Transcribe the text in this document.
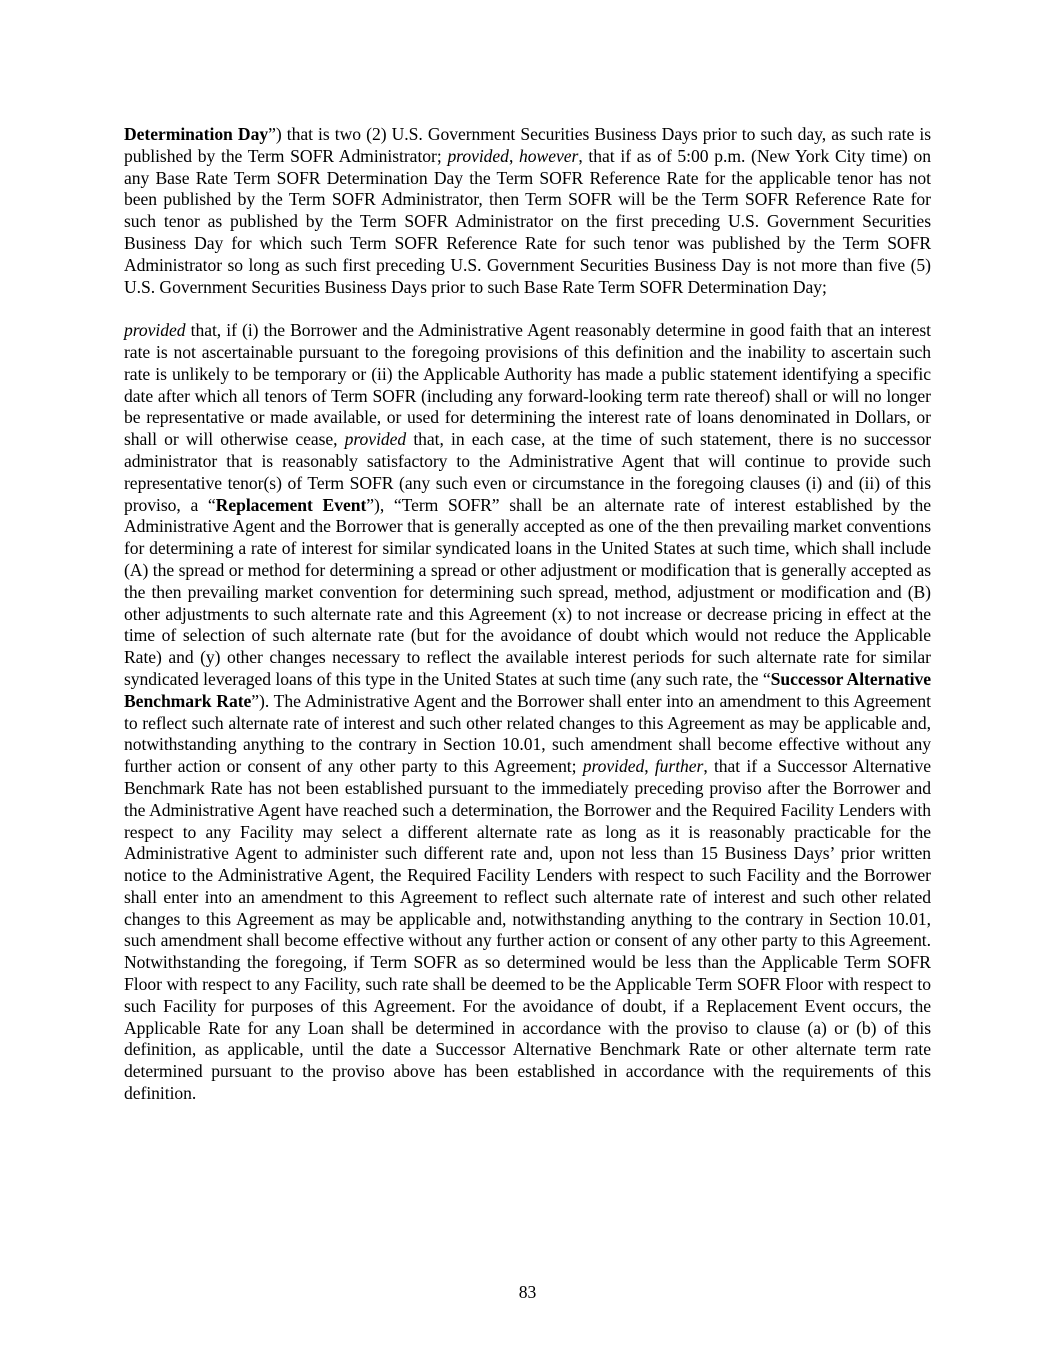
Determination Day”) that is two (2) U.S. Government Securities Business Days prior to such day, as such rate is published by the Term SOFR Administrator; provided, however, that if as of 5:00 p.m. (New York City time) on any Base Rate Term SOFR Determination Day the Term SOFR Reference Rate for the applicable tenor has not been published by the Term SOFR Administrator, then Term SOFR will be the Term SOFR Reference Rate for such tenor as published by the Term SOFR Administrator on the first preceding U.S. Government Securities Business Day for which such Term SOFR Reference Rate for such tenor was published by the Term SOFR Administrator so long as such first preceding U.S. Government Securities Business Day is not more than five (5) U.S. Government Securities Business Days prior to such Base Rate Term SOFR Determination Day;

provided that, if (i) the Borrower and the Administrative Agent reasonably determine in good faith that an interest rate is not ascertainable pursuant to the foregoing provisions of this definition and the inability to ascertain such rate is unlikely to be temporary or (ii) the Applicable Authority has made a public statement identifying a specific date after which all tenors of Term SOFR (including any forward-looking term rate thereof) shall or will no longer be representative or made available, or used for determining the interest rate of loans denominated in Dollars, or shall or will otherwise cease, provided that, in each case, at the time of such statement, there is no successor administrator that is reasonably satisfactory to the Administrative Agent that will continue to provide such representative tenor(s) of Term SOFR (any such even or circumstance in the foregoing clauses (i) and (ii) of this proviso, a “Replacement Event”), “Term SOFR” shall be an alternate rate of interest established by the Administrative Agent and the Borrower that is generally accepted as one of the then prevailing market conventions for determining a rate of interest for similar syndicated loans in the United States at such time, which shall include (A) the spread or method for determining a spread or other adjustment or modification that is generally accepted as the then prevailing market convention for determining such spread, method, adjustment or modification and (B) other adjustments to such alternate rate and this Agreement (x) to not increase or decrease pricing in effect at the time of selection of such alternate rate (but for the avoidance of doubt which would not reduce the Applicable Rate) and (y) other changes necessary to reflect the available interest periods for such alternate rate for similar syndicated leveraged loans of this type in the United States at such time (any such rate, the “Successor Alternative Benchmark Rate”). The Administrative Agent and the Borrower shall enter into an amendment to this Agreement to reflect such alternate rate of interest and such other related changes to this Agreement as may be applicable and, notwithstanding anything to the contrary in Section 10.01, such amendment shall become effective without any further action or consent of any other party to this Agreement; provided, further, that if a Successor Alternative Benchmark Rate has not been established pursuant to the immediately preceding proviso after the Borrower and the Administrative Agent have reached such a determination, the Borrower and the Required Facility Lenders with respect to any Facility may select a different alternate rate as long as it is reasonably practicable for the Administrative Agent to administer such different rate and, upon not less than 15 Business Days’ prior written notice to the Administrative Agent, the Required Facility Lenders with respect to such Facility and the Borrower shall enter into an amendment to this Agreement to reflect such alternate rate of interest and such other related changes to this Agreement as may be applicable and, notwithstanding anything to the contrary in Section 10.01, such amendment shall become effective without any further action or consent of any other party to this Agreement. Notwithstanding the foregoing, if Term SOFR as so determined would be less than the Applicable Term SOFR Floor with respect to any Facility, such rate shall be deemed to be the Applicable Term SOFR Floor with respect to such Facility for purposes of this Agreement. For the avoidance of doubt, if a Replacement Event occurs, the Applicable Rate for any Loan shall be determined in accordance with the proviso to clause (a) or (b) of this definition, as applicable, until the date a Successor Alternative Benchmark Rate or other alternate term rate determined pursuant to the proviso above has been established in accordance with the requirements of this definition.

83
